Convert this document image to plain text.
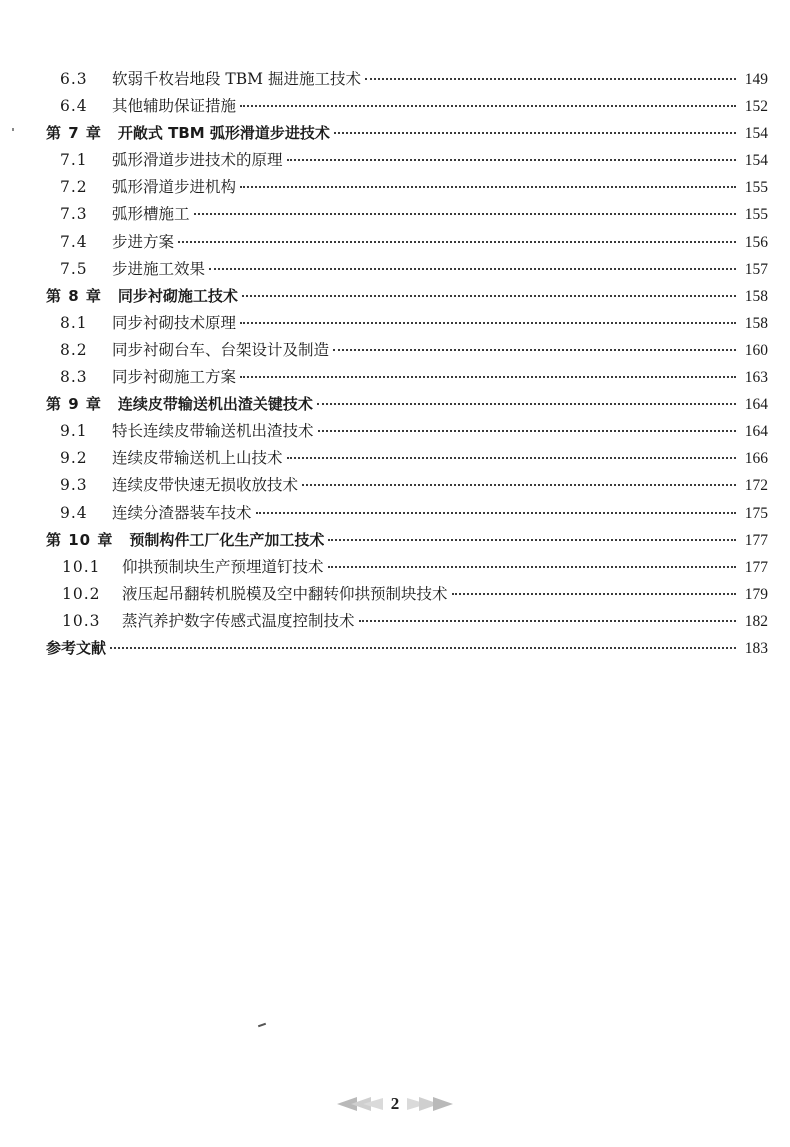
6.3	软弱千枚岩地段 TBM 掘进施工技术	149
6.4	其他辅助保证措施	152
第 7 章 开敞式 TBM 弧形滑道步进技术	154
7.1	弧形滑道步进技术的原理	154
7.2	弧形滑道步进机构	155
7.3	弧形槽施工	155
7.4	步进方案	156
7.5	步进施工效果	157
第 8 章 同步衬砌施工技术	158
8.1	同步衬砌技术原理	158
8.2	同步衬砌台车、台架设计及制造	160
8.3	同步衬砌施工方案	163
第 9 章 连续皮带输送机出渣关键技术	164
9.1	特长连续皮带输送机出渣技术	164
9.2	连续皮带输送机上山技术	166
9.3	连续皮带快速无损收放技术	172
9.4	连续分渣器装车技术	175
第 10 章 预制构件工厂化生产加工技术	177
10.1	仰拱预制块生产预埋道钉技术	177
10.2	液压起吊翻转机脱模及空中翻转仰拱预制块技术	179
10.3	蒸汽养护数字传感式温度控制技术	182
参考文献	183
2
